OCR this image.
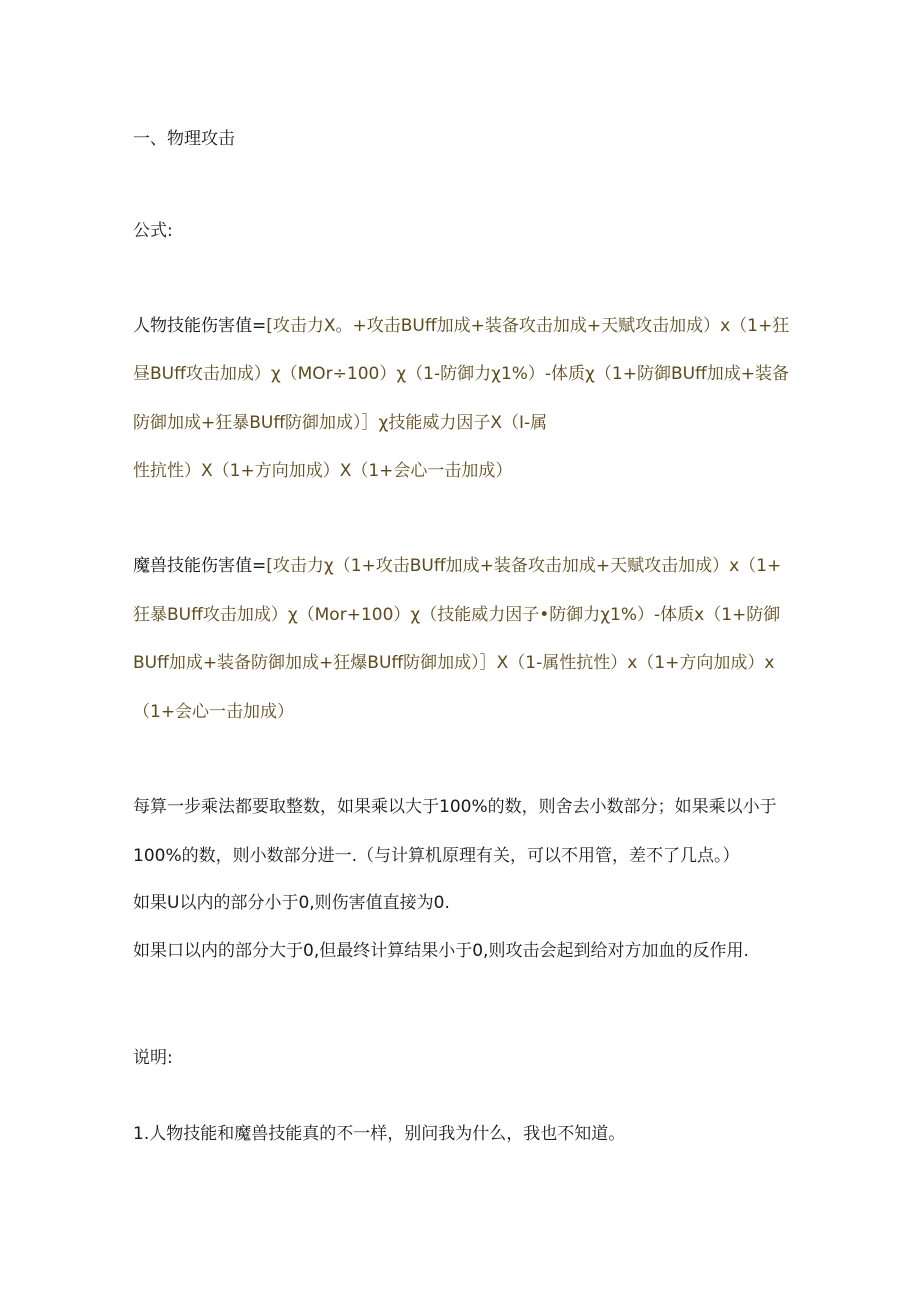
一、物理攻击
公式:
人物技能伤害值=[攻击力X。+攻击BUff加成+装备攻击加成+天赋攻击加成）x（1+狂
昼BUff攻击加成）χ（MOr÷100）χ（1-防御力χ1%）-体质χ（1+防御BUff加成+装备
防御加成+狂暴BUff防御加成）］χ技能威力因子X（I-属
性抗性）X（1+方向加成）X（1+会心一击加成）
魔兽技能伤害值=[攻击力χ（1+攻击BUff加成+装备攻击加成+天赋攻击加成）x（1+
狂暴BUff攻击加成）χ（Mor+100）χ（技能威力因子•防御力χ1%）-体质x（1+防御
BUff加成+装备防御加成+狂爆BUff防御加成）］X（1-属性抗性）x（1+方向加成）x
（1+会心一击加成）
每算一步乘法都要取整数，如果乘以大于100%的数，则舍去小数部分；如果乘以小于
100%的数，则小数部分进一.（与计算机原理有关，可以不用管，差不了几点。）
如果U以内的部分小于0,则伤害值直接为0.
如果口以内的部分大于0,但最终计算结果小于0,则攻击会起到给对方加血的反作用.
说明:
1.人物技能和魔兽技能真的不一样，别问我为什么，我也不知道。
